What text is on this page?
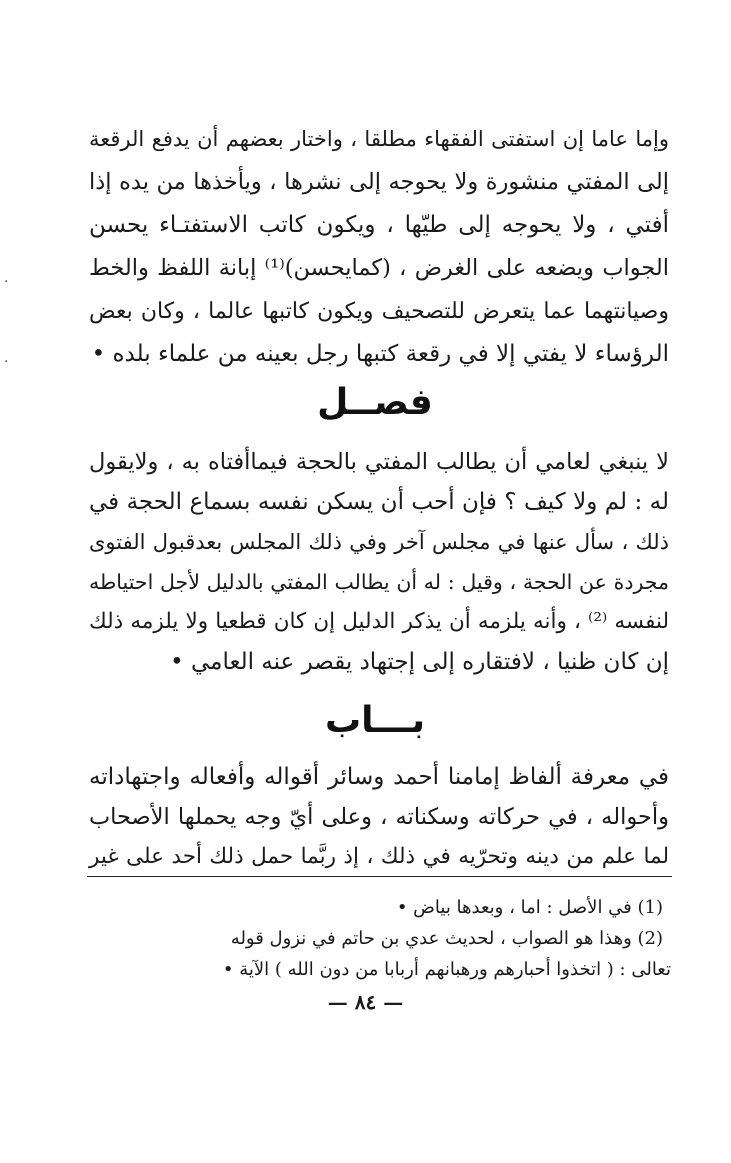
وإما عاما إن استفتى الفقهاء مطلقا ، واختار بعضهم أن يدفع الرقعة
إلى المفتي منشورة ولا يحوجه إلى نشرها ، ويأخذها من يده إذا
أفتي ، ولا يحوجه إلى طيّها ، ويكون كاتب الاستفتـاء يحسن
الجواب ويضعه على الغرض ، (كمايحسن)⁽¹⁾ إبانة اللفظ والخط
وصيانتهما عما يتعرض للتصحيف ويكون كاتبها عالما ، وكان بعض
الرؤساء لا يفتي إلا في رقعة كتبها رجل بعينه من علماء بلده •
فصــل
لا ينبغي لعامي أن يطالب المفتي بالحجة فيماأفتاه به ، ولايقول
له : لم ولا كيف ؟ فإن أحب أن يسكن نفسه بسماع الحجة في
ذلك ، سأل عنها في مجلس آخر وفي ذلك المجلس بعدقبول الفتوى
مجردة عن الحجة ، وقيل : له أن يطالب المفتي بالدليل لأجل احتياطه
لنفسه ⁽²⁾ ، وأنه يلزمه أن يذكر الدليل إن كان قطعيا ولا يلزمه ذلك
إن كان ظنيا ، لافتقاره إلى إجتهاد يقصر عنه العامي •
بـــاب
في معرفة ألفاظ إمامنا أحمد وسائر أقواله وأفعاله واجتهاداته
وأحواله ، في حركاته وسكناته ، وعلى أيّ وجه يحملها الأصحاب
لما علم من دينه وتحرّيه في ذلك ، إذ ربَّما حمل ذلك أحد على غير
(1) في الأصل : اما ، وبعدها بياض •
(2) وهذا هو الصواب ، لحديث عدي بن حاتم في نزول قوله
تعالى : ( اتخذوا أحبارهم ورهبانهم أربابا من دون الله ) الآية •
— ٨٤ —
·
·
